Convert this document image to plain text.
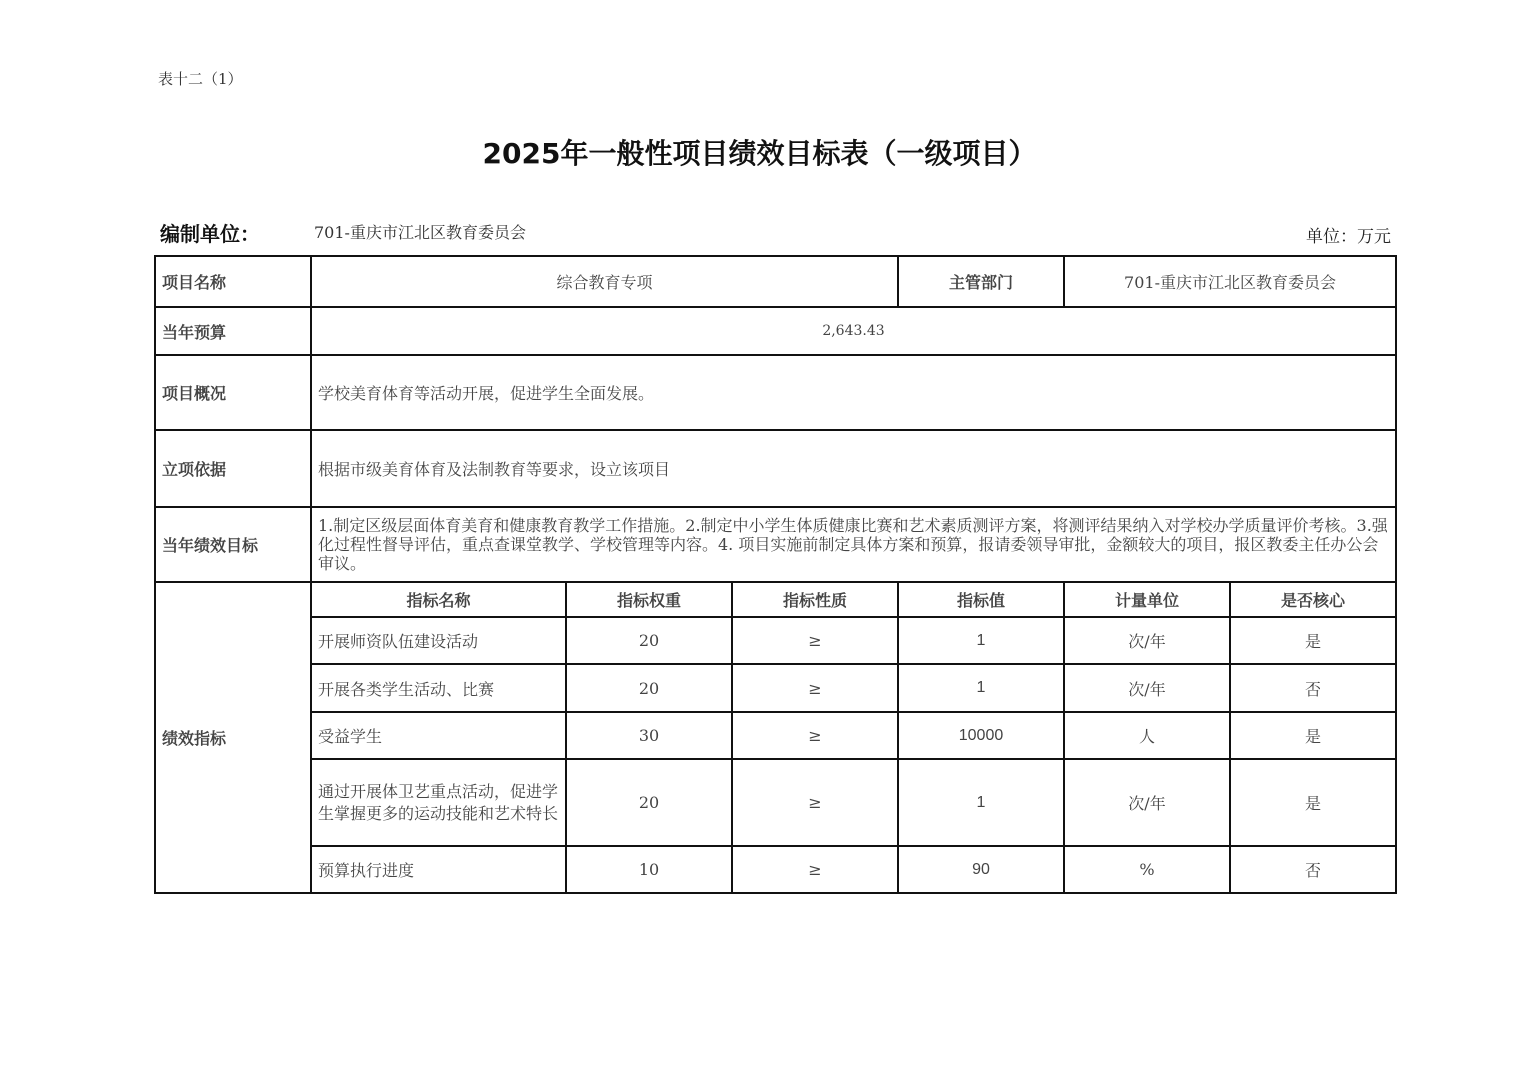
表十二（1）
2025年一般性项目绩效目标表（一级项目）
编制单位：	701-重庆市江北区教育委员会	单位：万元
项目名称	综合教育专项			主管部门	701-重庆市江北区教育委员会	
当年预算	2,643.43					
项目概况	学校美育体育等活动开展，促进学生全面发展。					
立项依据	根据市级美育体育及法制教育等要求，设立该项目					
当年绩效目标	1.制定区级层面体育美育和健康教育教学工作措施。2.制定中小学生体质健康比赛和艺术素质测评方案，将测评结果纳入对学校办学质量评价考核。3.强化过程性督导评估，重点查课堂教学、学校管理等内容。4. 项目实施前制定具体方案和预算，报请委领导审批，金额较大的项目，报区教委主任办公会审议。					
绩效指标	指标名称	指标权重	指标性质	指标值	计量单位	是否核心
	开展师资队伍建设活动	20	≥	1	次/年	是
	开展各类学生活动、比赛	20	≥	1	次/年	否
	受益学生	30	≥	10000	人	是
	通过开展体卫艺重点活动，促进学生掌握更多的运动技能和艺术特长	20	≥	1	次/年	是
	预算执行进度	10	≥	90	%	否
